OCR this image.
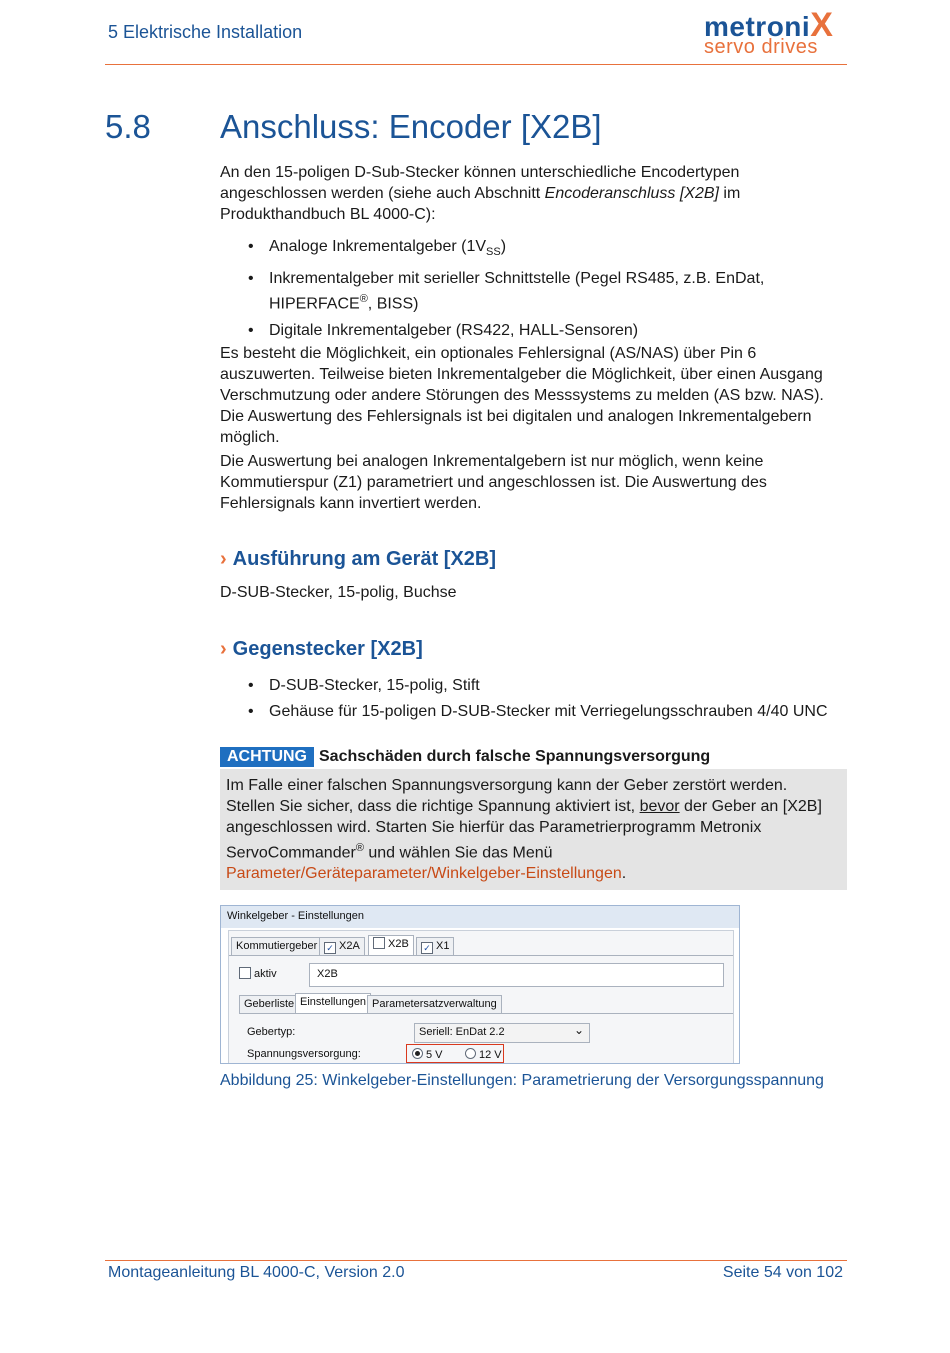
5 Elektrische Installation	metroniX
servo drives
5.8 Anschluss: Encoder [X2B]
An den 15-poligen D-Sub-Stecker können unterschiedliche Encodertypen angeschlossen werden (siehe auch Abschnitt Encoderanschluss [X2B] im Produkthandbuch BL 4000-C):
• Analoge Inkrementalgeber $(1V_{SS})$
• Inkrementalgeber mit serieller Schnittstelle (Pegel RS485, z.B. EnDat, HIPERFACE®, BISS)
• Digitale Inkrementalgeber (RS422, HALL-Sensoren)
Es besteht die Möglichkeit, ein optionales Fehlersignal (AS/NAS) über Pin 6 auszuwerten. Teilweise bieten Inkrementalgeber die Möglichkeit, über einen Ausgang Verschmutzung oder andere Störungen des Messsystems zu melden (AS bzw. NAS). Die Auswertung des Fehlersignals ist bei digitalen und analogen Inkrementalgebern möglich.
Die Auswertung bei analogen Inkrementalgebern ist nur möglich, wenn keine Kommutierspur (Z1) parametriert und angeschlossen ist. Die Auswertung des Fehlersignals kann invertiert werden.
› Ausführung am Gerät [X2B]
D-SUB-Stecker, 15-polig, Buchse
› Gegenstecker [X2B]
• D-SUB-Stecker, 15-polig, Stift
• Gehäuse für 15-poligen D-SUB-Stecker mit Verriegelungsschrauben 4/40 UNC
ACHTUNG Sachschäden durch falsche Spannungsversorgung
Im Falle einer falschen Spannungsversorgung kann der Geber zerstört werden.
Stellen Sie sicher, dass die richtige Spannung aktiviert ist, bevor der Geber an [X2B] angeschlossen wird. Starten Sie hierfür das Parametrierprogramm Metronix ServoCommander® und wählen Sie das Menü Parameter/Geräteparameter/Winkelgeber-Einstellungen.
Winkelgeber - Einstellungen
Kommutiergeber ✓ X2A	X2B	✓ X1
aktiv	X2B
Geberliste Einstellungen Parametersatzverwaltung
Gebertyp:	Seriell: EnDat 2.2	⌄
Spannungsversorgung:	5 V	12 V
Abbildung 25: Winkelgeber-Einstellungen: Parametrierung der Versorgungsspannung
Montageanleitung BL 4000-C, Version 2.0	Seite 54 von 102
